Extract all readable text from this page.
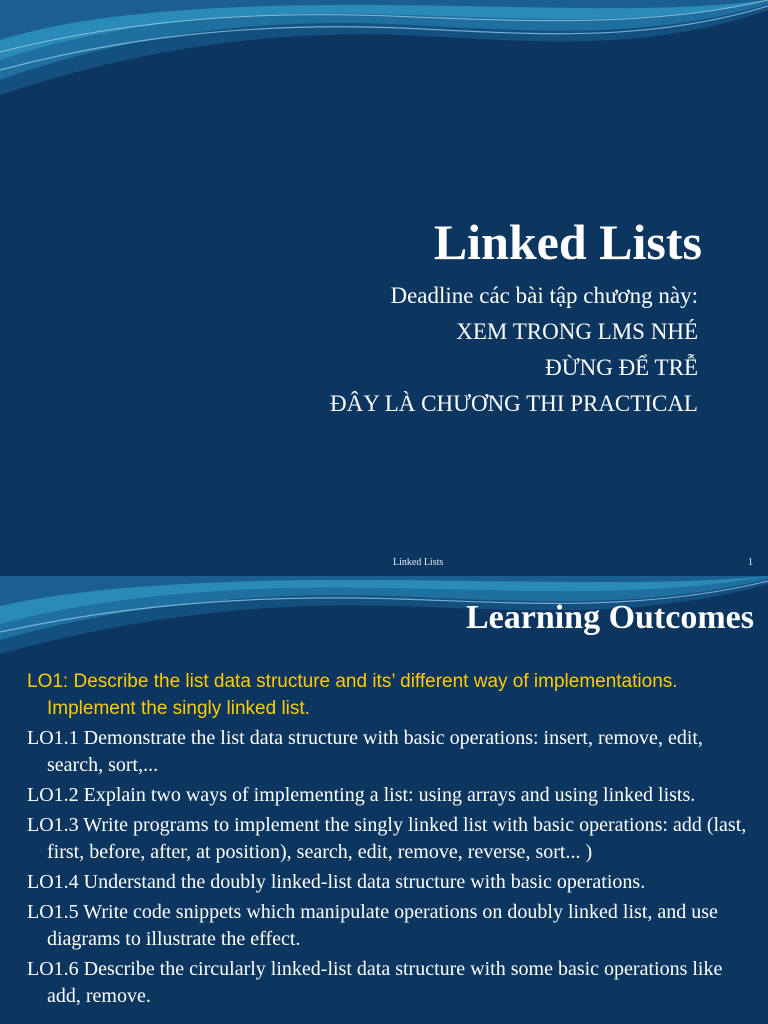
Linked Lists
Deadline các bài tập chương này:
XEM TRONG LMS NHÉ
ĐỪNG ĐỂ TRỄ
ĐÂY LÀ CHƯƠNG THI PRACTICAL
Linked Lists	1
Learning Outcomes
LO1: Describe the list data structure and its’ different way of implementations. Implement the singly linked list.
LO1.1 Demonstrate the list data structure with basic operations: insert, remove, edit, search, sort,...
LO1.2 Explain two ways of implementing a list: using arrays and using linked lists.
LO1.3 Write programs to implement the singly linked list with basic operations: add (last, first, before, after, at position), search, edit, remove, reverse, sort... )
LO1.4 Understand the doubly linked-list data structure with basic operations.
LO1.5 Write code snippets which manipulate operations on doubly linked list, and use diagrams to illustrate the effect.
LO1.6 Describe the circularly linked-list data structure with some basic operations like add, remove.
